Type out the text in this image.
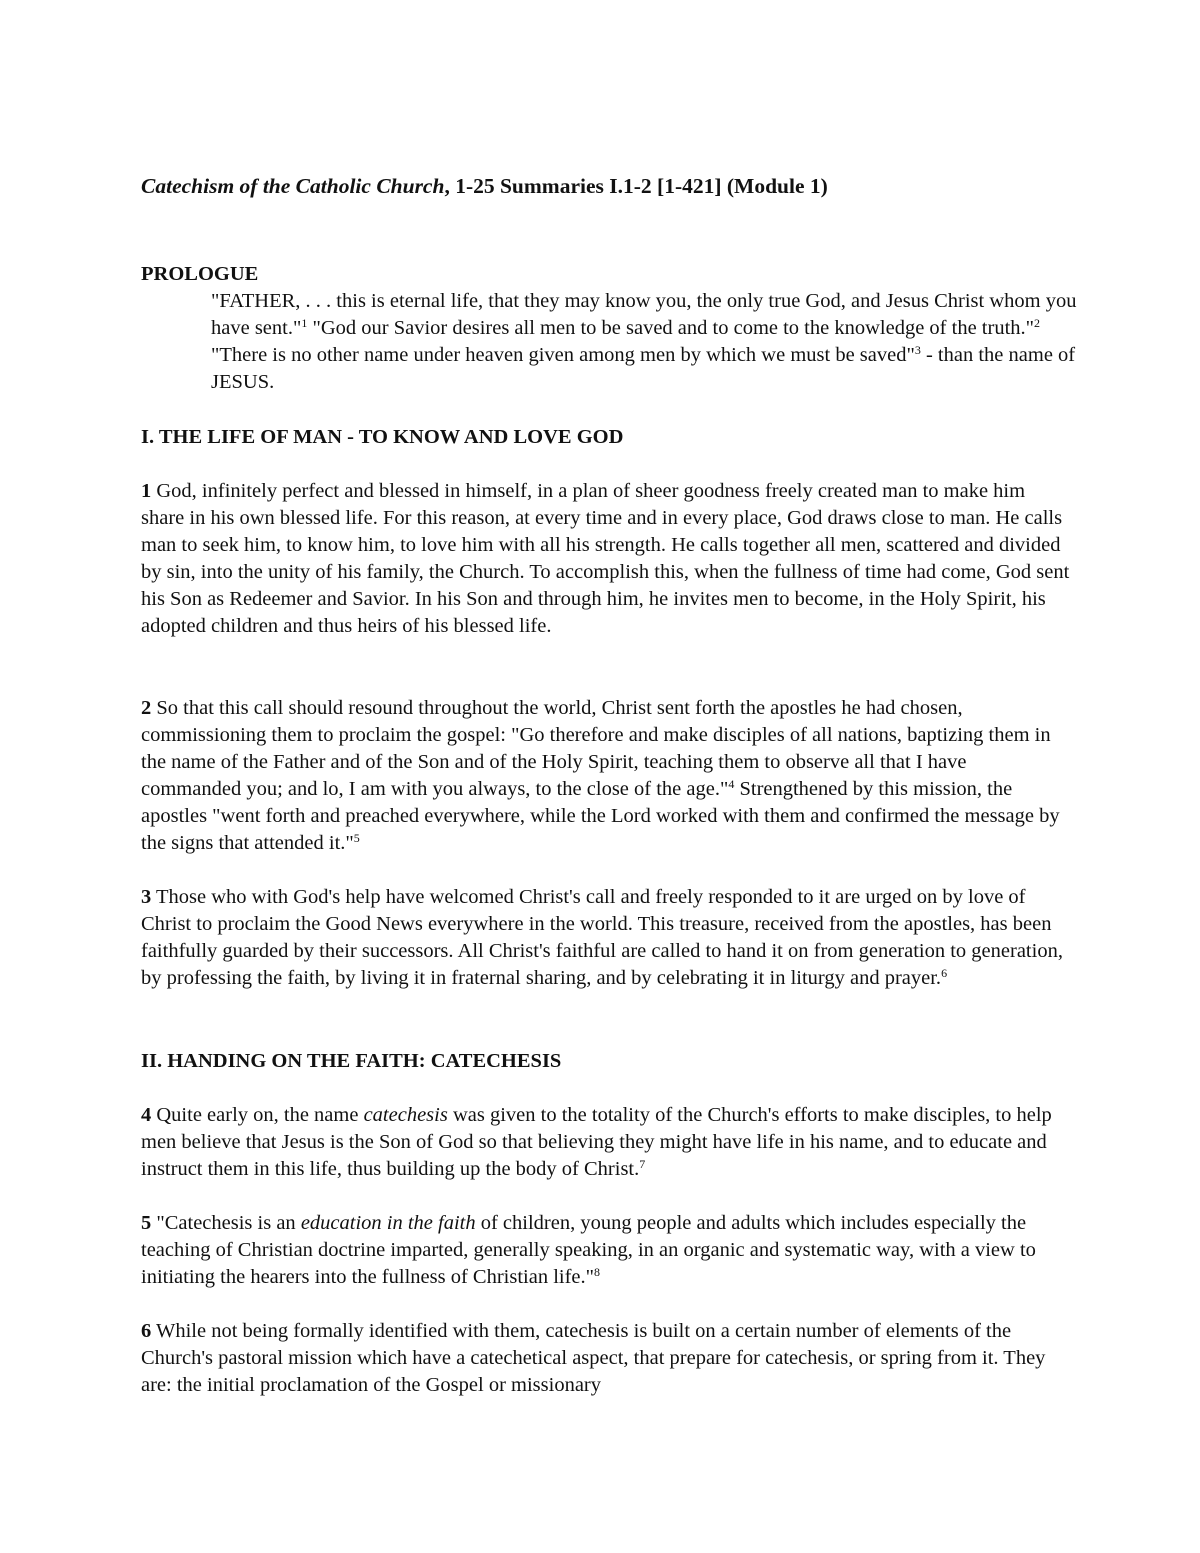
Catechism of the Catholic Church, 1-25 Summaries I.1-2 [1-421] (Module 1)
PROLOGUE

"FATHER, . . . this is eternal life, that they may know you, the only true God, and Jesus Christ whom you have sent."$^1$ "God our Savior desires all men to be saved and to come to the knowledge of the truth."$^2$ "There is no other name under heaven given among men by which we must be saved"$^3$ - than the name of JESUS.

I. THE LIFE OF MAN - TO KNOW AND LOVE GOD

1 God, infinitely perfect and blessed in himself, in a plan of sheer goodness freely created man to make him share in his own blessed life. For this reason, at every time and in every place, God draws close to man. He calls man to seek him, to know him, to love him with all his strength. He calls together all men, scattered and divided by sin, into the unity of his family, the Church. To accomplish this, when the fullness of time had come, God sent his Son as Redeemer and Savior. In his Son and through him, he invites men to become, in the Holy Spirit, his adopted children and thus heirs of his blessed life.

2 So that this call should resound throughout the world, Christ sent forth the apostles he had chosen, commissioning them to proclaim the gospel: "Go therefore and make disciples of all nations, baptizing them in the name of the Father and of the Son and of the Holy Spirit, teaching them to observe all that I have commanded you; and lo, I am with you always, to the close of the age."$^4$ Strengthened by this mission, the apostles "went forth and preached everywhere, while the Lord worked with them and confirmed the message by the signs that attended it."$^5$

3 Those who with God's help have welcomed Christ's call and freely responded to it are urged on by love of Christ to proclaim the Good News everywhere in the world. This treasure, received from the apostles, has been faithfully guarded by their successors. All Christ's faithful are called to hand it on from generation to generation, by professing the faith, by living it in fraternal sharing, and by celebrating it in liturgy and prayer.$^6$

II. HANDING ON THE FAITH: CATECHESIS

4 Quite early on, the name catechesis was given to the totality of the Church's efforts to make disciples, to help men believe that Jesus is the Son of God so that believing they might have life in his name, and to educate and instruct them in this life, thus building up the body of Christ.$^7$

5 "Catechesis is an education in the faith of children, young people and adults which includes especially the teaching of Christian doctrine imparted, generally speaking, in an organic and systematic way, with a view to initiating the hearers into the fullness of Christian life."$^8$

6 While not being formally identified with them, catechesis is built on a certain number of elements of the Church's pastoral mission which have a catechetical aspect, that prepare for catechesis, or spring from it. They are: the initial proclamation of the Gospel or missionary
